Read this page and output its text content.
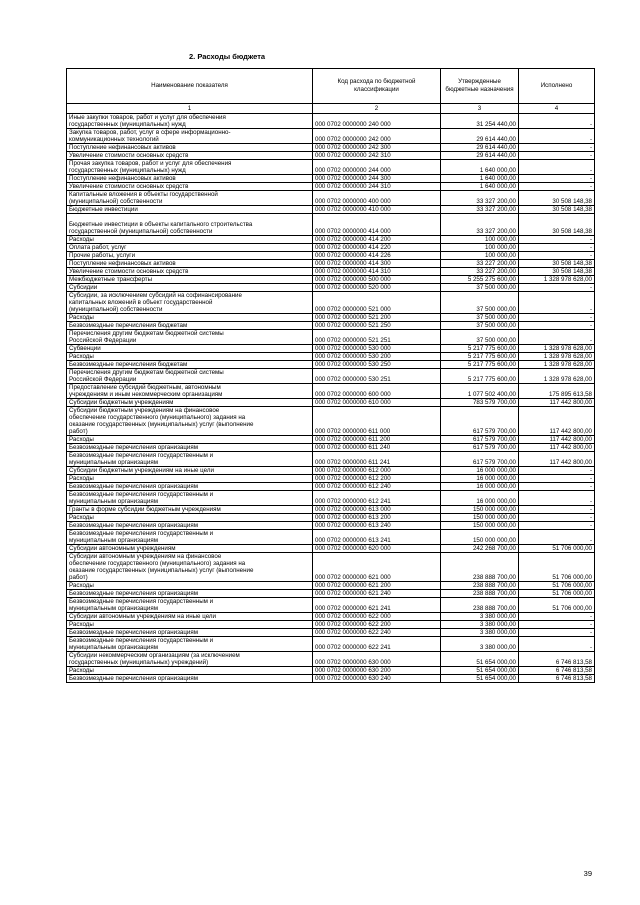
2. Расходы бюджета

Наименование показателя	Код расхода по бюджетной классификации	Утвержденные бюджетные назначения	Исполнено
1	2	3	4
Иные закупки товаров, работ и услуг для обеспечения
государственных (муниципальных) нужд	000 0702 0000000 240 000	31 254 440,00	-
Закупка товаров, работ, услуг в сфере информационно-
коммуникационных технологий	000 0702 0000000 242 000	29 614 440,00	-
Поступление нефинансовых активов	000 0702 0000000 242 300	29 614 440,00	-
Увеличение стоимости основных средств	000 0702 0000000 242 310	29 614 440,00	-
Прочая закупка товаров, работ и услуг для обеспечения
государственных (муниципальных) нужд	000 0702 0000000 244 000	1 640 000,00	-
Поступление нефинансовых активов	000 0702 0000000 244 300	1 640 000,00	-
Увеличение стоимости основных средств	000 0702 0000000 244 310	1 640 000,00	-
Капитальные вложения в объекты государственной
(муниципальной) собственности	000 0702 0000000 400 000	33 327 200,00	30 508 148,38
Бюджетные инвестиции	000 0702 0000000 410 000	33 327 200,00	30 508 148,38

Бюджетные инвестиции в объекты капитального строительства
государственной (муниципальной) собственности	000 0702 0000000 414 000	33 327 200,00	30 508 148,38
Расходы	000 0702 0000000 414 200	100 000,00	-
Оплата работ, услуг	000 0702 0000000 414 220	100 000,00	-
Прочие работы, услуги	000 0702 0000000 414 226	100 000,00	-
Поступление нефинансовых активов	000 0702 0000000 414 300	33 227 200,00	30 508 148,38
Увеличение стоимости основных средств	000 0702 0000000 414 310	33 227 200,00	30 508 148,38
Межбюджетные трансферты	000 0702 0000000 500 000	5 255 275 600,00	1 328 978 628,00
Субсидии	000 0702 0000000 520 000	37 500 000,00	-
Субсидии, за исключением субсидий на софинансирование
капитальных вложений в объект государственной
(муниципальной) собственности	000 0702 0000000 521 000	37 500 000,00	-
Расходы	000 0702 0000000 521 200	37 500 000,00	-
Безвозмездные перечисления бюджетам	000 0702 0000000 521 250	37 500 000,00	-
Перечисления другим бюджетам бюджетной системы
Российской Федерации	000 0702 0000000 521 251	37 500 000,00	-
Субвенции	000 0702 0000000 530 000	5 217 775 600,00	1 328 978 628,00
Расходы	000 0702 0000000 530 200	5 217 775 600,00	1 328 978 628,00
Безвозмездные перечисления бюджетам	000 0702 0000000 530 250	5 217 775 600,00	1 328 978 628,00
Перечисления другим бюджетам бюджетной системы
Российской Федерации	000 0702 0000000 530 251	5 217 775 600,00	1 328 978 628,00
Предоставление субсидий бюджетным, автономным
учреждениям и иным некоммерческим организациям	000 0702 0000000 600 000	1 077 502 400,00	175 895 613,58
Субсидии бюджетным учреждениям	000 0702 0000000 610 000	783 579 700,00	117 442 800,00
Субсидии бюджетным учреждениям на финансовое
обеспечение государственного (муниципального) задания на
оказание государственных (муниципальных) услуг (выполнение
работ)	000 0702 0000000 611 000	617 579 700,00	117 442 800,00
Расходы	000 0702 0000000 611 200	617 579 700,00	117 442 800,00
Безвозмездные перечисления организациям	000 0702 0000000 611 240	617 579 700,00	117 442 800,00
Безвозмездные перечисления государственным и
муниципальным организациям	000 0702 0000000 611 241	617 579 700,00	117 442 800,00
Субсидии бюджетным учреждениям на иные цели	000 0702 0000000 612 000	16 000 000,00	-
Расходы	000 0702 0000000 612 200	16 000 000,00	-
Безвозмездные перечисления организациям	000 0702 0000000 612 240	16 000 000,00	-
Безвозмездные перечисления государственным и
муниципальным организациям	000 0702 0000000 612 241	16 000 000,00	-
Гранты в форме субсидии бюджетным учреждениям	000 0702 0000000 613 000	150 000 000,00	-
Расходы	000 0702 0000000 613 200	150 000 000,00	-
Безвозмездные перечисления организациям	000 0702 0000000 613 240	150 000 000,00	-
Безвозмездные перечисления государственным и
муниципальным организациям	000 0702 0000000 613 241	150 000 000,00	-
Субсидии автономным учреждениям	000 0702 0000000 620 000	242 268 700,00	51 706 000,00
Субсидии автономным учреждениям на финансовое
обеспечение государственного (муниципального) задания на
оказание государственных (муниципальных) услуг (выполнение
работ)	000 0702 0000000 621 000	238 888 700,00	51 706 000,00
Расходы	000 0702 0000000 621 200	238 888 700,00	51 706 000,00
Безвозмездные перечисления организациям	000 0702 0000000 621 240	238 888 700,00	51 706 000,00
Безвозмездные перечисления государственным и
муниципальным организациям	000 0702 0000000 621 241	238 888 700,00	51 706 000,00
Субсидии автономным учреждениям на иные цели	000 0702 0000000 622 000	3 380 000,00	-
Расходы	000 0702 0000000 622 200	3 380 000,00	-
Безвозмездные перечисления организациям	000 0702 0000000 622 240	3 380 000,00	-
Безвозмездные перечисления государственным и
муниципальным организациям	000 0702 0000000 622 241	3 380 000,00	-
Субсидии некоммерческим организациям (за исключением
государственных (муниципальных) учреждений)	000 0702 0000000 630 000	51 654 000,00	6 746 813,58
Расходы	000 0702 0000000 630 200	51 654 000,00	6 746 813,58
Безвозмездные перечисления организациям	000 0702 0000000 630 240	51 654 000,00	6 746 813,58

39
